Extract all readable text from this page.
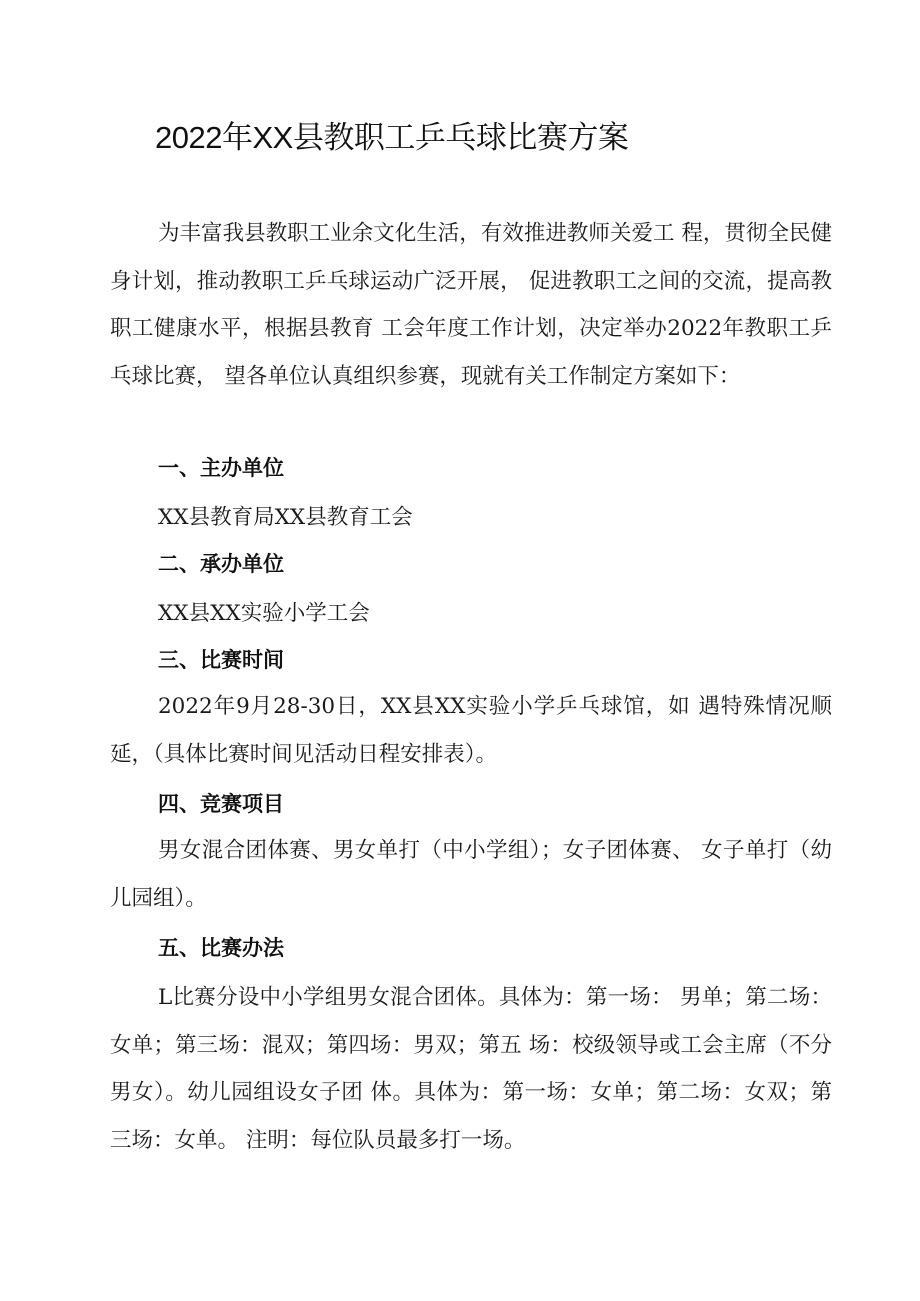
2022年XX县教职工乒乓球比赛方案

为丰富我县教职工业余文化生活，有效推进教师关爱工 程，贯彻全民健身计划，推动教职工乒乓球运动广泛开展， 促进教职工之间的交流，提高教职工健康水平，根据县教育 工会年度工作计划，决定举办2022年教职工乒乓球比赛， 望各单位认真组织参赛，现就有关工作制定方案如下：

一、主办单位

XX县教育局XX县教育工会

二、承办单位

XX县XX实验小学工会

三、比赛时间

2022年9月28-30日，XX县XX实验小学乒乓球馆，如 遇特殊情况顺延，（具体比赛时间见活动日程安排表）。

四、竞赛项目

男女混合团体赛、男女单打（中小学组）；女子团体赛、 女子单打（幼儿园组）。

五、比赛办法

L比赛分设中小学组男女混合团体。具体为：第一场： 男单；第二场：女单；第三场：混双；第四场：男双；第五 场：校级领导或工会主席（不分男女）。幼儿园组设女子团 体。具体为：第一场：女单；第二场：女双；第三场：女单。 注明：每位队员最多打一场。
